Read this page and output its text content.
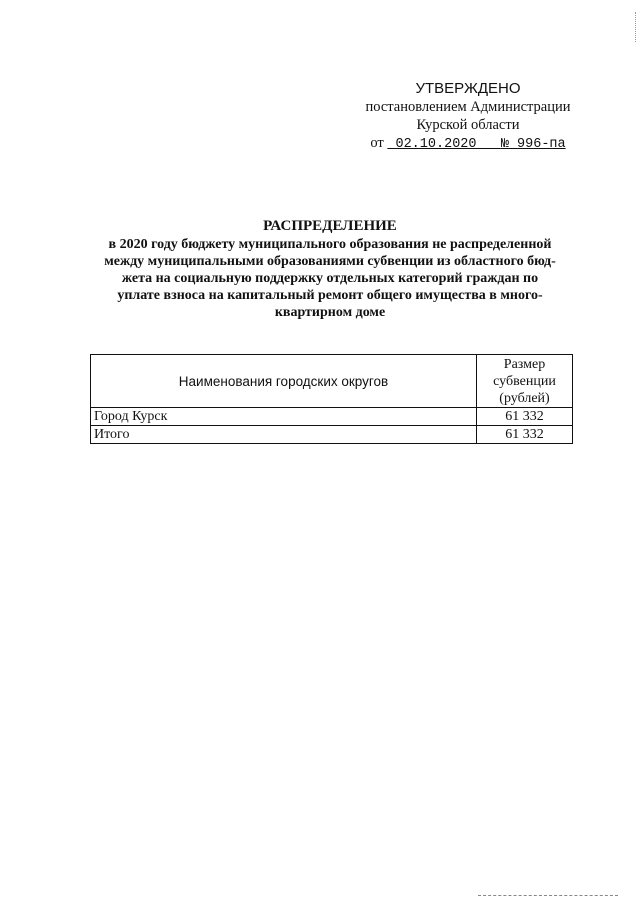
УТВЕРЖДЕНО
постановлением Администрации
Курской области
от 02.10.2020 № 996-па
РАСПРЕДЕЛЕНИЕ
в 2020 году бюджету муниципального образования не распределенной
между муниципальными образованиями субвенции из областного бюд-
жета на социальную поддержку отдельных категорий граждан по
уплате взноса на капитальный ремонт общего имущества в много-
квартирном доме
Наименования городских округов	Размер
субвенции
(рублей)
Город Курск	61 332
Итого	61 332
